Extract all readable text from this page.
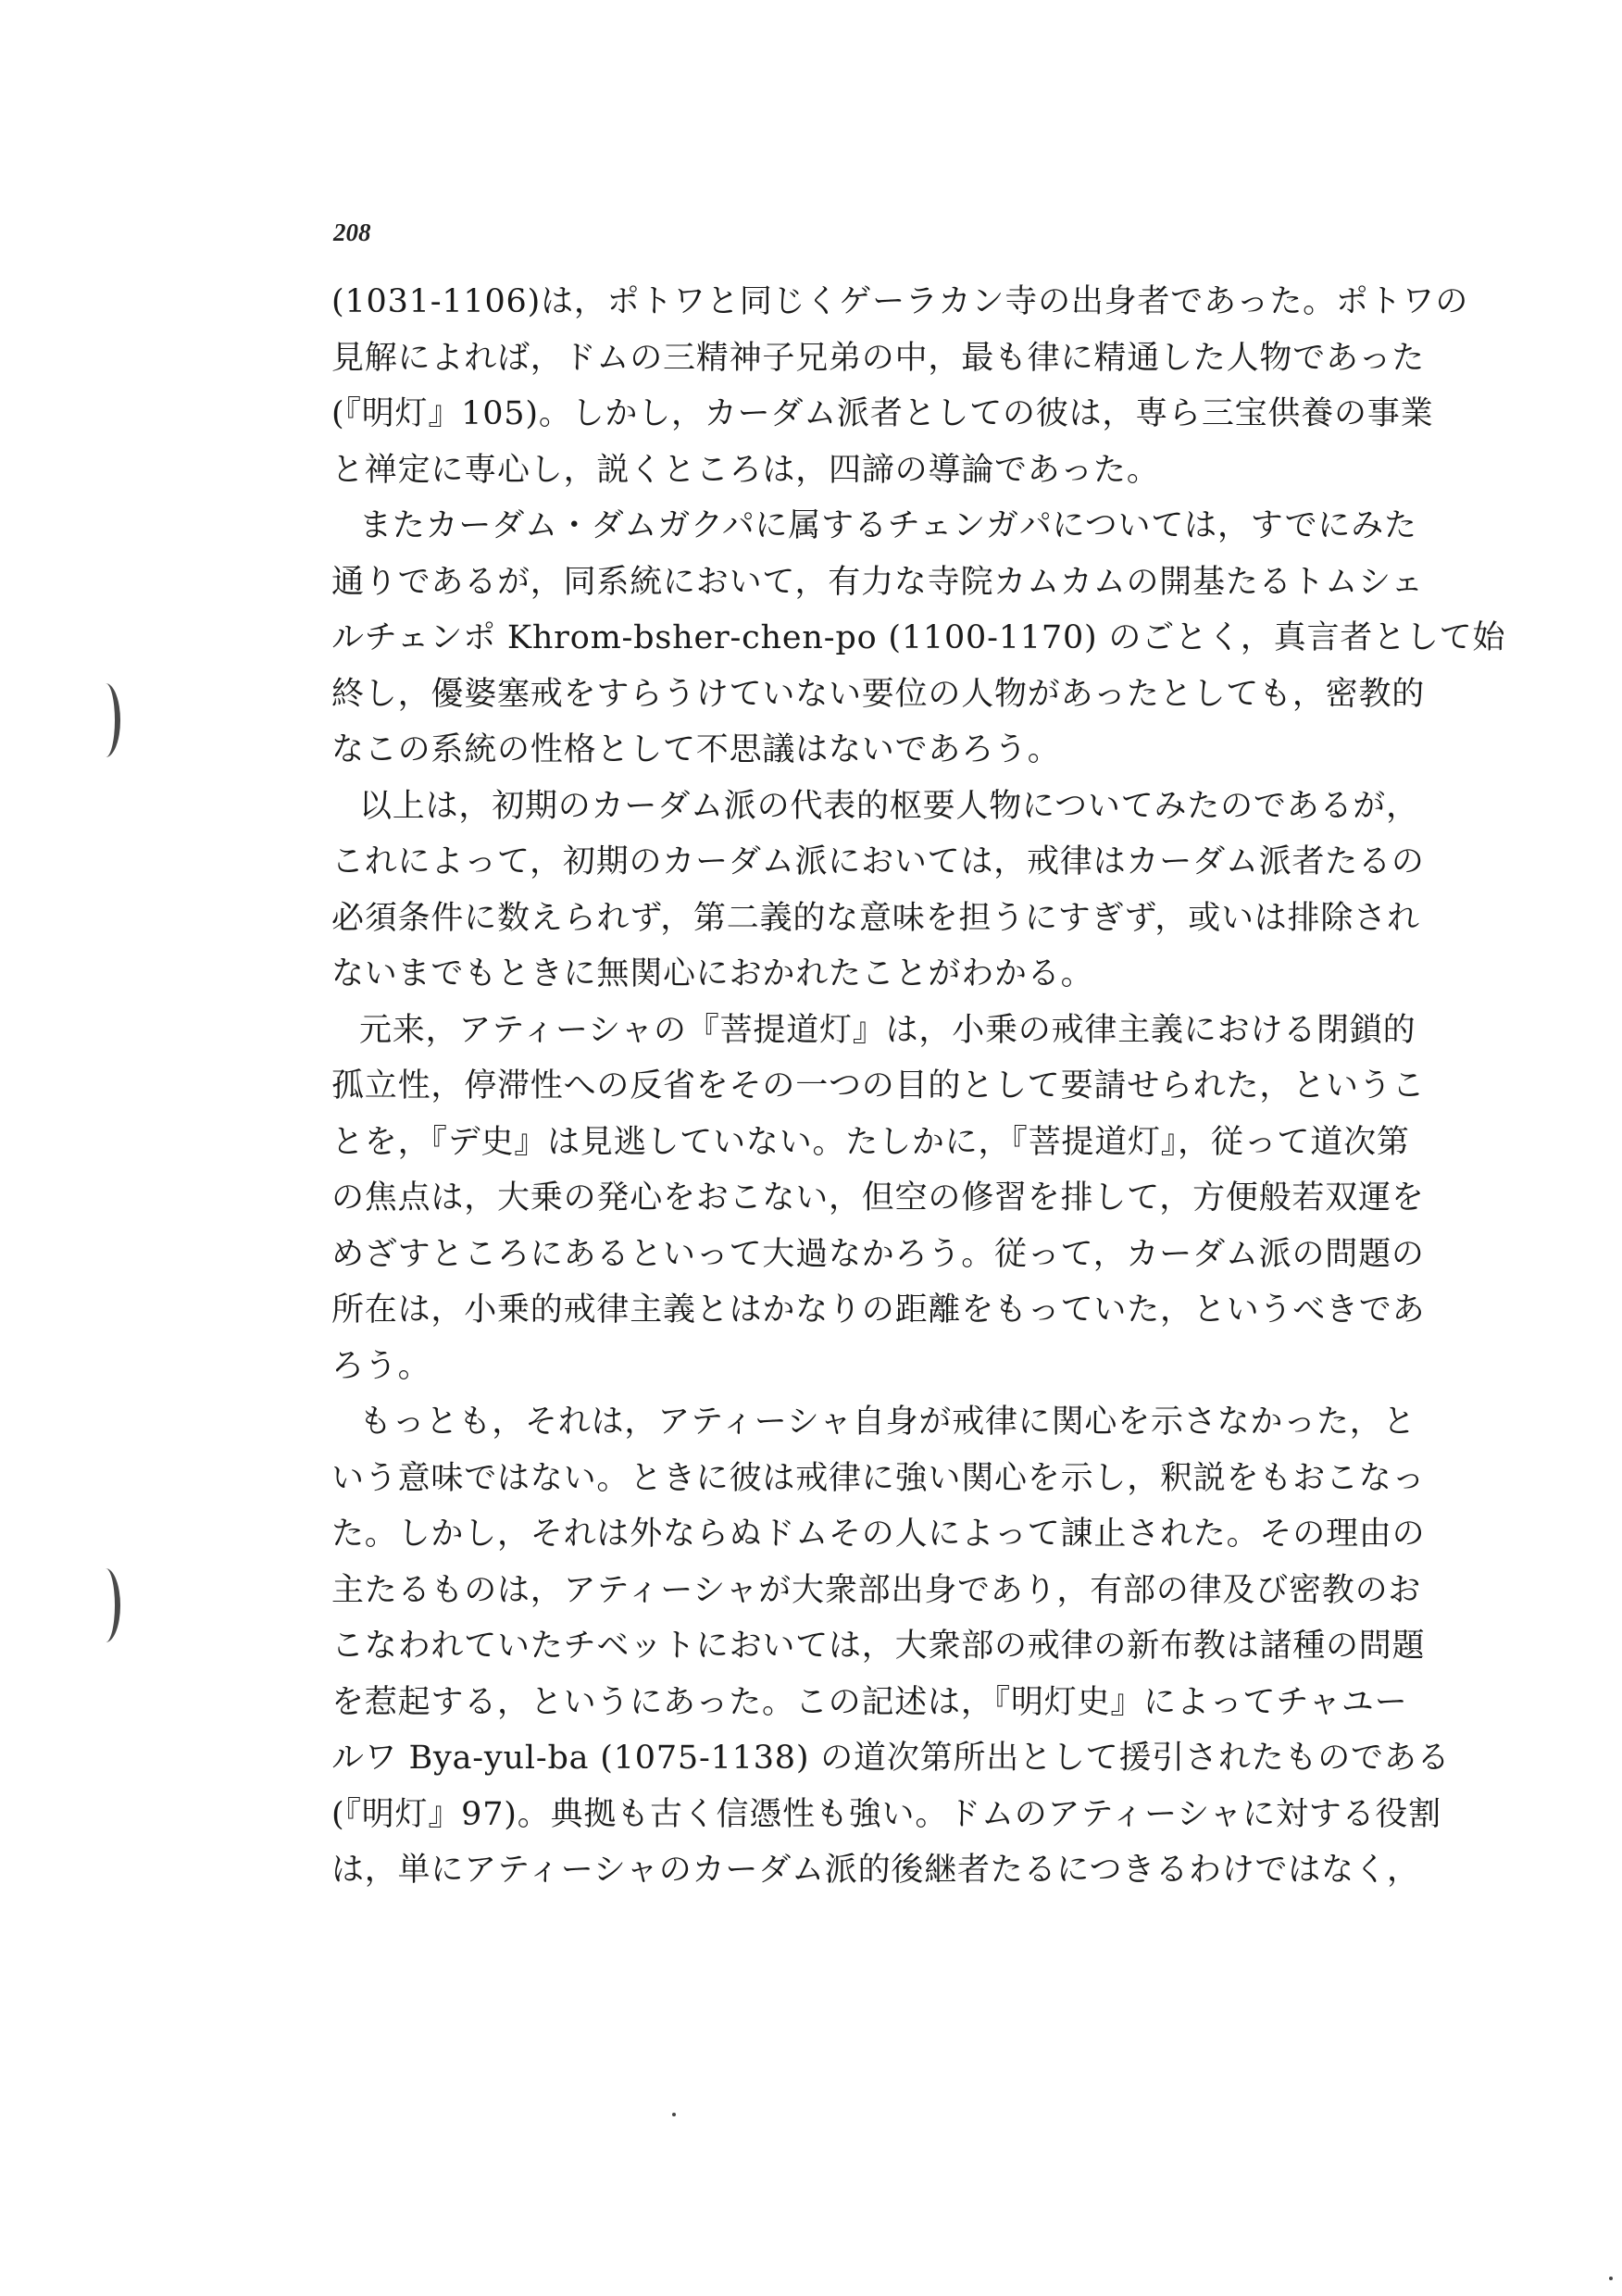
208
(1031-1106)は，ポトワと同じくゲーラカン寺の出身者であった。ポトワの
見解によれば，ドムの三精神子兄弟の中，最も律に精通した人物であった
(『明灯』105)。しかし，カーダム派者としての彼は，専ら三宝供養の事業
と禅定に専心し，説くところは，四諦の導論であった。
またカーダム・ダムガクパに属するチェンガパについては，すでにみた
通りであるが，同系統において，有力な寺院カムカムの開基たるトムシェ
ルチェンポ Khrom-bsher-chen-po (1100-1170) のごとく，真言者として始
終し，優婆塞戒をすらうけていない要位の人物があったとしても，密教的
なこの系統の性格として不思議はないであろう。
以上は，初期のカーダム派の代表的枢要人物についてみたのであるが，
これによって，初期のカーダム派においては，戒律はカーダム派者たるの
必須条件に数えられず，第二義的な意味を担うにすぎず，或いは排除され
ないまでもときに無関心におかれたことがわかる。
元来，アティーシャの『菩提道灯』は，小乗の戒律主義における閉鎖的
孤立性，停滞性への反省をその一つの目的として要請せられた，というこ
とを，『デ史』は見逃していない。たしかに，『菩提道灯』，従って道次第
の焦点は，大乗の発心をおこない，但空の修習を排して，方便般若双運を
めざすところにあるといって大過なかろう。従って，カーダム派の問題の
所在は，小乗的戒律主義とはかなりの距離をもっていた，というべきであ
ろう。
もっとも，それは，アティーシャ自身が戒律に関心を示さなかった，と
いう意味ではない。ときに彼は戒律に強い関心を示し，釈説をもおこなっ
た。しかし，それは外ならぬドムその人によって諌止された。その理由の
主たるものは，アティーシャが大衆部出身であり，有部の律及び密教のお
こなわれていたチベットにおいては，大衆部の戒律の新布教は諸種の問題
を惹起する，というにあった。この記述は，『明灯史』によってチャユー
ルワ Bya-yul-ba (1075-1138) の道次第所出として援引されたものである
(『明灯』97)。典拠も古く信憑性も強い。ドムのアティーシャに対する役割
は，単にアティーシャのカーダム派的後継者たるにつきるわけではなく，
